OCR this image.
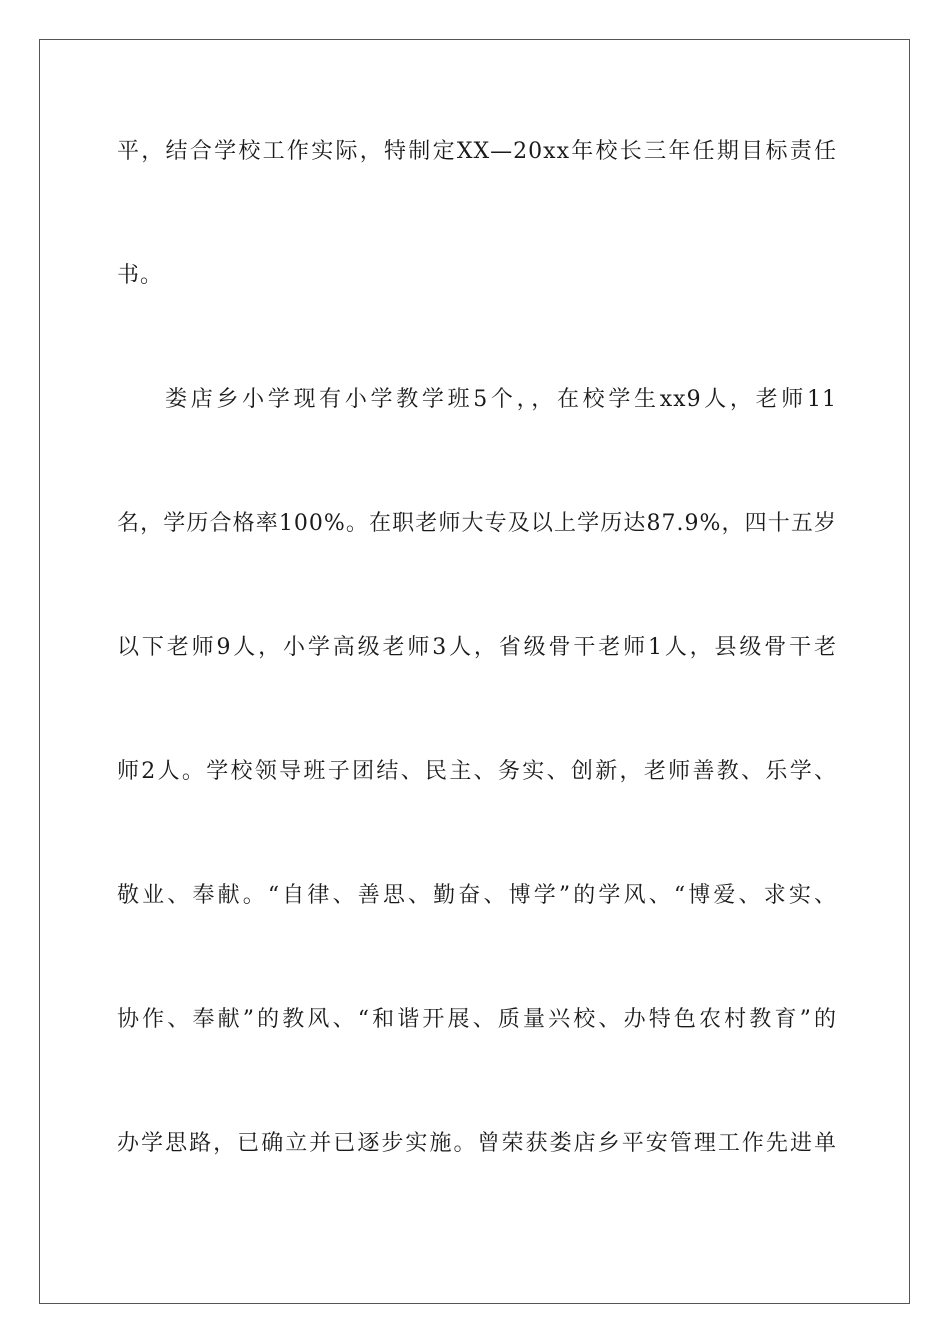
平，结合学校工作实际，特制定XX—20xx年校长三年任期目标责任
书。
娄店乡小学现有小学教学班5个，，在校学生xx9人，老师11
名，学历合格率100%。在职老师大专及以上学历达87.9%，四十五岁
以下老师9人，小学高级老师3人，省级骨干老师1人，县级骨干老
师2人。学校领导班子团结、民主、务实、创新，老师善教、乐学、
敬业、奉献。“自律、善思、勤奋、博学”的学风、“博爱、求实、
协作、奉献”的教风、“和谐开展、质量兴校、办特色农村教育”的
办学思路，已确立并已逐步实施。曾荣获娄店乡平安管理工作先进单
